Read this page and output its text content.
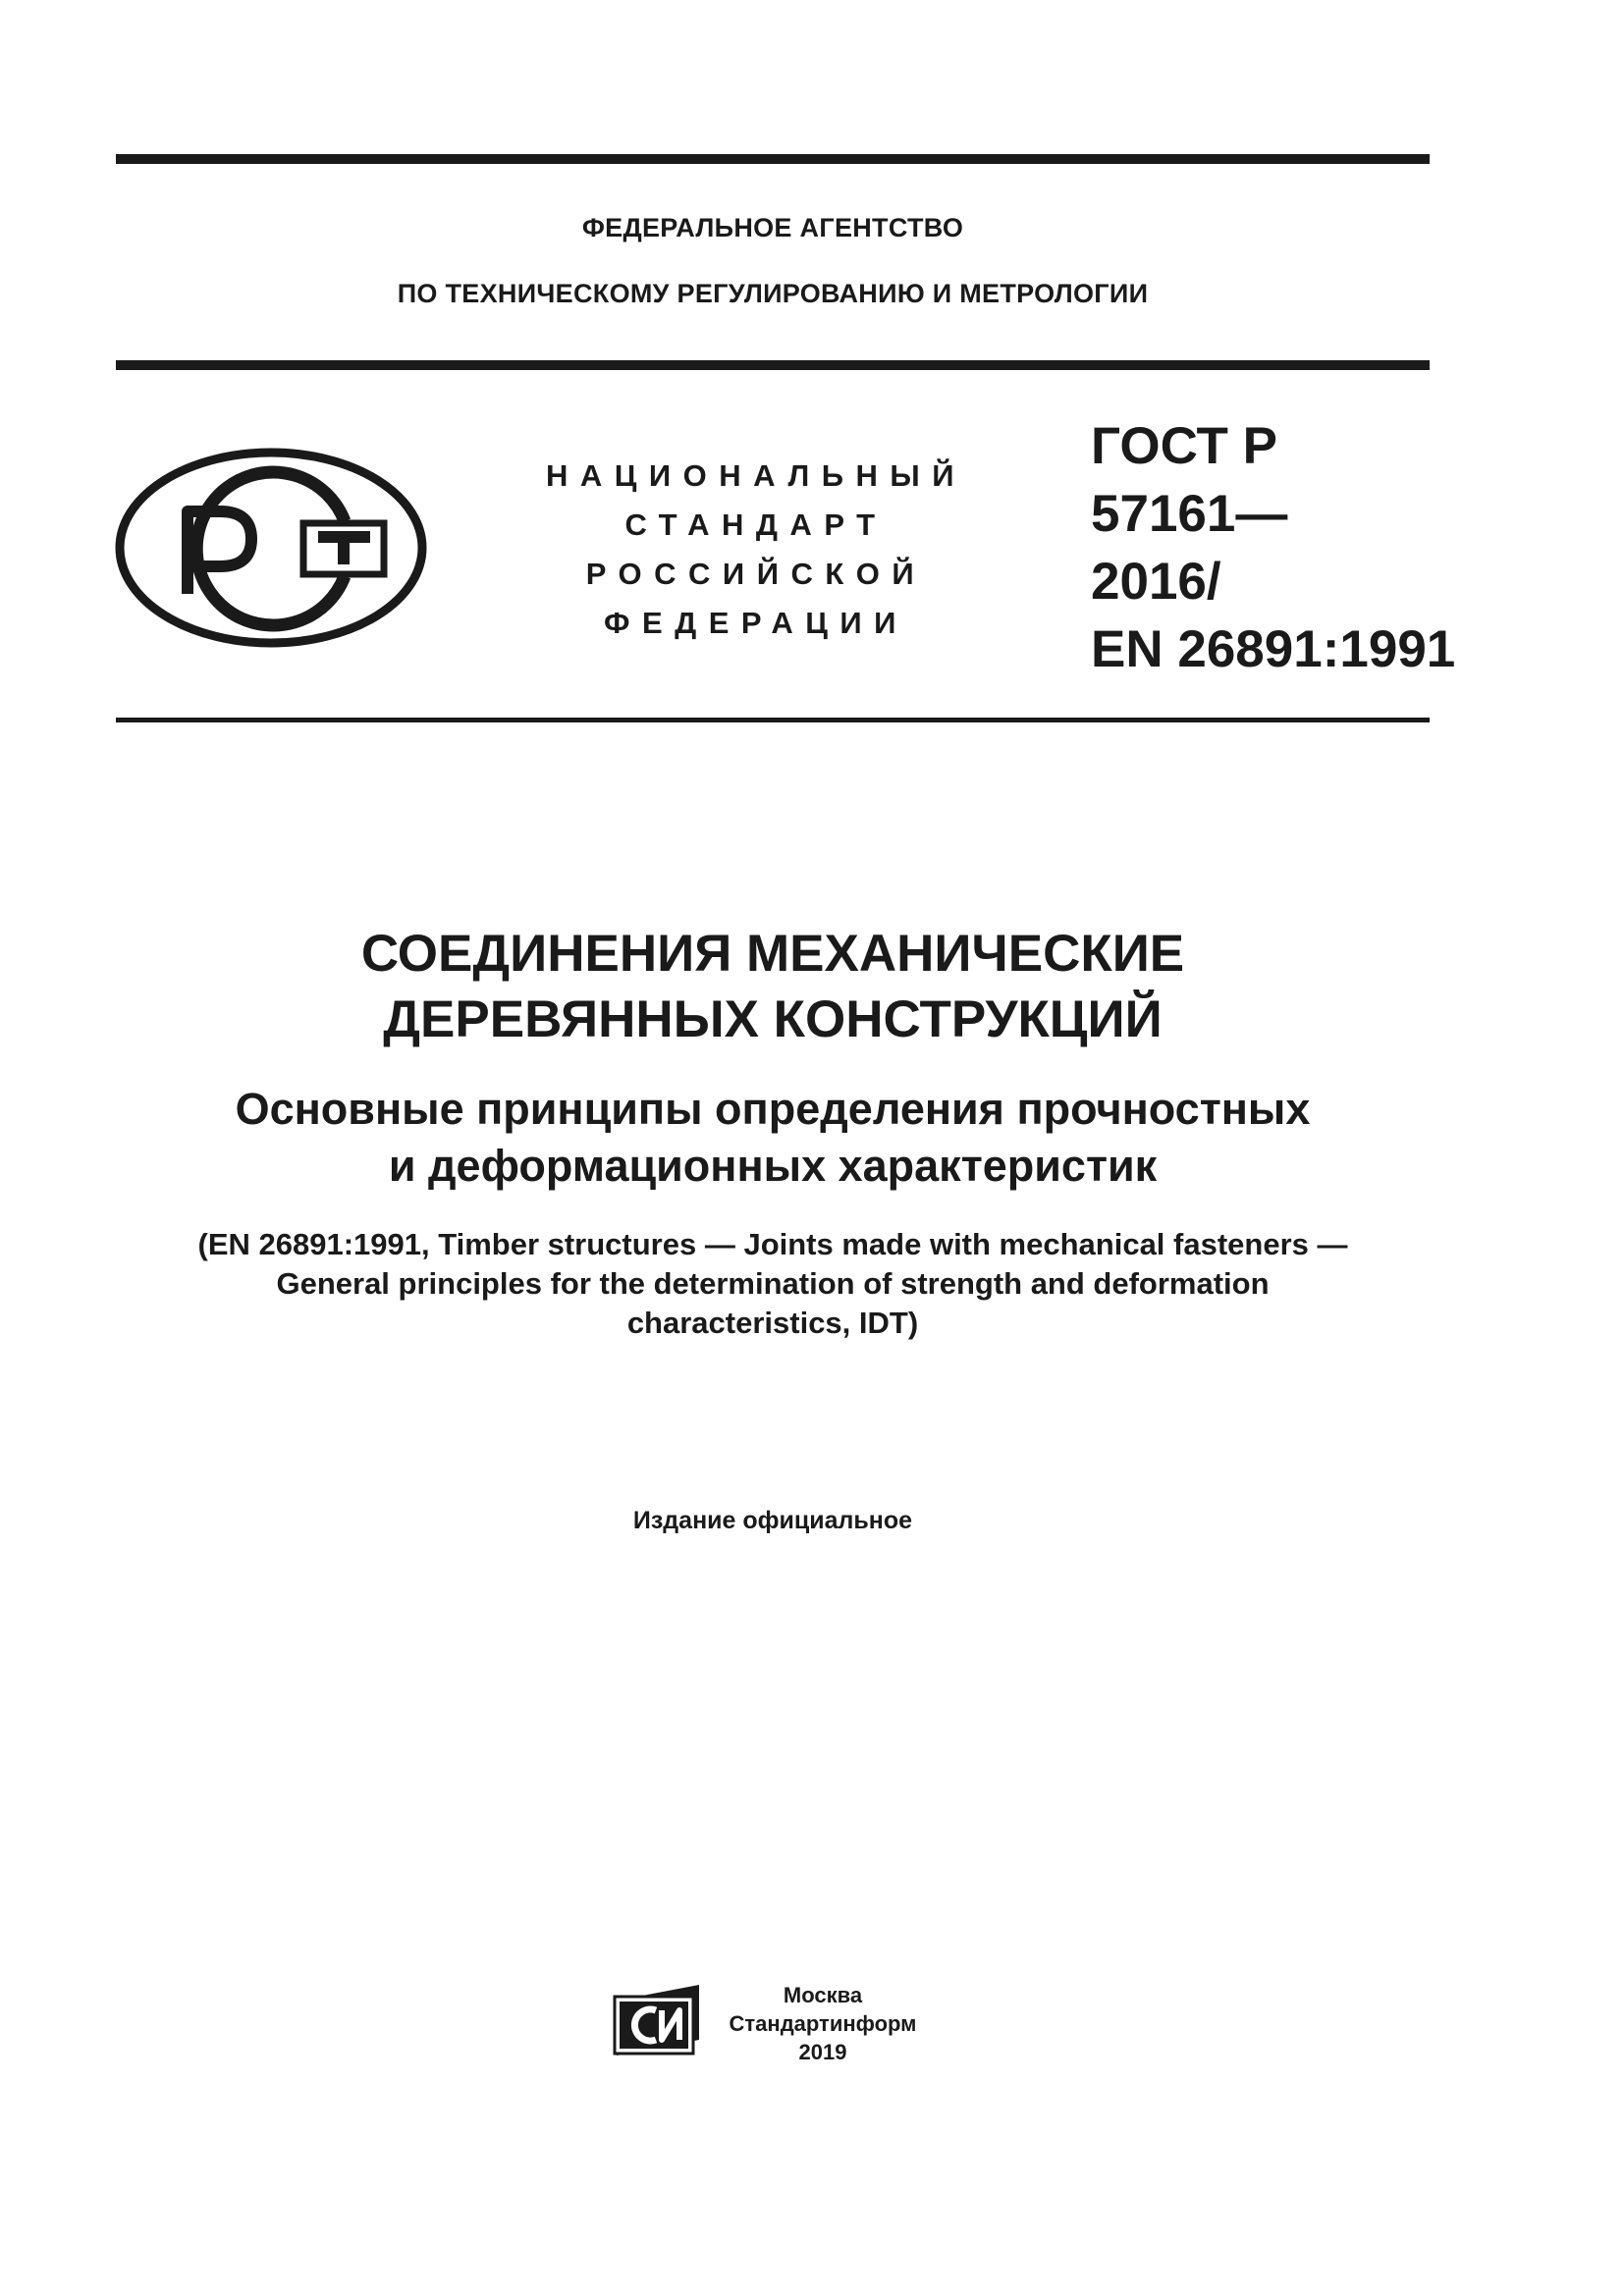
ФЕДЕРАЛЬНОЕ АГЕНТСТВО
ПО ТЕХНИЧЕСКОМУ РЕГУЛИРОВАНИЮ И МЕТРОЛОГИИ
НАЦИОНАЛЬНЫЙ
СТАНДАРТ
РОССИЙСКОЙ
ФЕДЕРАЦИИ
ГОСТ Р
57161—
2016/
EN 26891:1991
СОЕДИНЕНИЯ МЕХАНИЧЕСКИЕ
ДЕРЕВЯННЫХ КОНСТРУКЦИЙ
Основные принципы определения прочностных
и деформационных характеристик
(EN 26891:1991, Timber structures — Joints made with mechanical fasteners —
General principles for the determination of strength and deformation
characteristics, IDT)
Издание официальное
Москва
Стандартинформ
2019
